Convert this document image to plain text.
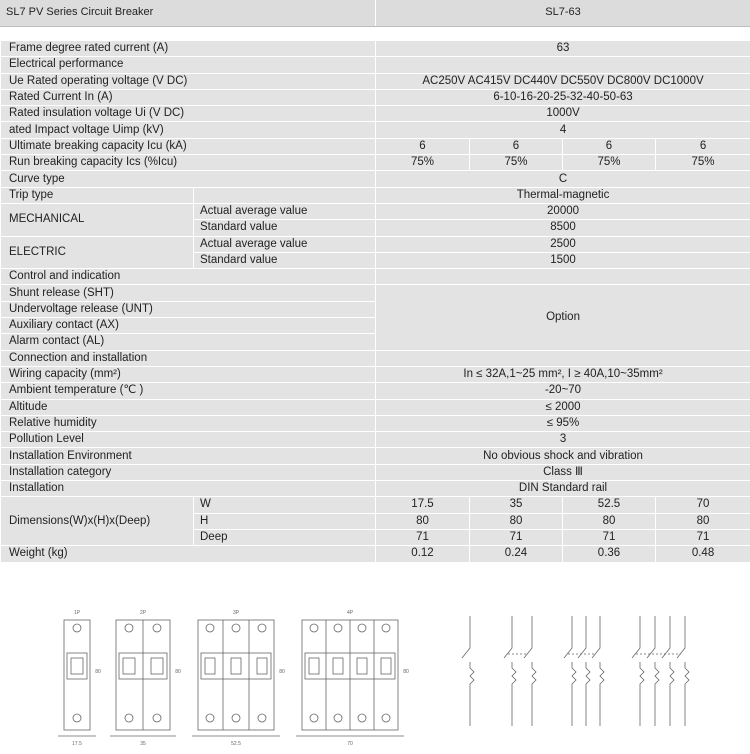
SL7 PV Series Circuit Breaker	SL7-63
Frame degree rated current (A)		63			
Electrical performance					
Ue Rated operating voltage (V DC)		AC250V AC415V DC440V DC550V DC800V DC1000V			
Rated Current In (A)		6-10-16-20-25-32-40-50-63			
Rated insulation voltage Ui (V DC)		1000V			
ated Impact voltage Uimp (kV)		4			
Ultimate breaking capacity Icu (kA)		6	6	6	6
Run breaking capacity Ics (%Icu)		75%	75%	75%	75%
Curve type		C			
Trip type		Thermal-magnetic			
MECHANICAL	Actual average value	20000			
	Standard value	8500			
ELECTRIC	Actual average value	2500			
	Standard value	1500			
Control and indication					
Shunt release (SHT)		Option			
Undervoltage release (UNT)					
Auxiliary contact (AX)					
Alarm contact (AL)					
Connection and installation					
Wiring capacity (mm²)		In ≤ 32A,1~25 mm², I ≥ 40A,10~35mm²			
Ambient temperature (℃ )		-20~70			
Altitude		≤ 2000			
Relative humidity		≤ 95%			
Pollution Level		3			
Installation Environment		No obvious shock and vibration			
Installation category		Class Ⅲ			
Installation		DIN Standard rail			
Dimensions(W)x(H)x(Deep)	W	17.5	35	52.5	70
	H	80	80	80	80
	Deep	71	71	71	71
Weight (kg)		0.12	0.24	0.36	0.48
1P	2P	3P	4P
17.5	35	52.5	70
80	80	80	80
